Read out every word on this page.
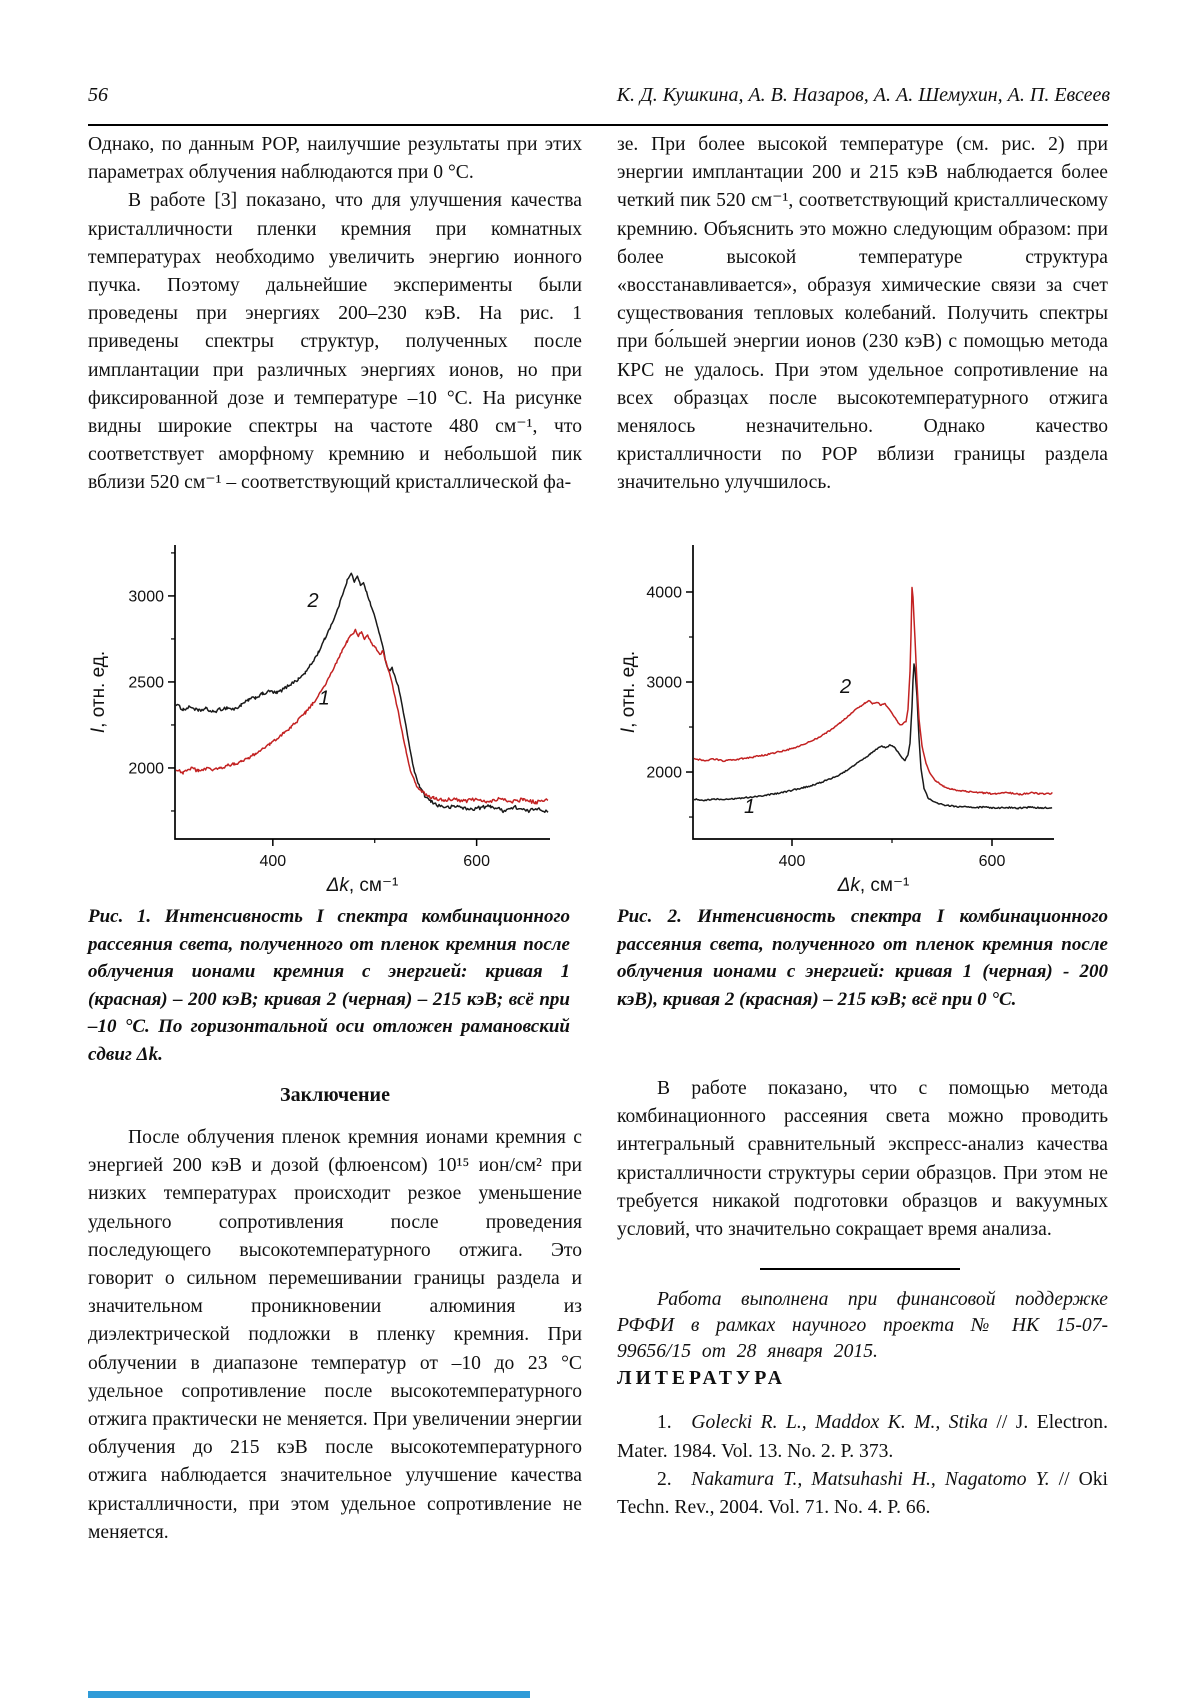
56	К. Д. Кушкина, А. В. Назаров, А. А. Шемухин, А. П. Евсеев

Однако, по данным РОР, наилучшие результаты при этих параметрах облучения наблюдаются при 0 °С.

В работе [3] показано, что для улучшения качества кристалличности пленки кремния при комнатных температурах необходимо увеличить энергию ионного пучка. Поэтому дальнейшие эксперименты были проведены при энергиях 200–230 кэВ. На рис. 1 приведены спектры структур, полученных после имплантации при различных энергиях ионов, но при фиксированной дозе и температуре –10 °С. На рисунке видны широкие спектры на частоте 480 см⁻¹, что соответствует аморфному кремнию и небольшой пик вблизи 520 см⁻¹ – соответствующий кристаллической фа-

зе. При более высокой температуре (см. рис. 2) при энергии имплантации 200 и 215 кэВ наблюдается более четкий пик 520 см⁻¹, соответствующий кристаллическому кремнию. Объяснить это можно следующим образом: при более высокой температуре структура «восстанавливается», образуя химические связи за счет существования тепловых колебаний. Получить спектры при бо́льшей энергии ионов (230 кэВ) с помощью метода КРС не удалось. При этом удельное сопротивление на всех образцах после высокотемпературного отжига менялось незначительно. Однако качество кристалличности по РОР вблизи границы раздела значительно улучшилось.

2000
2500
3000
400	600
2
1
Δk, см⁻¹
I, отн. ед.
2000
3000
4000
400	600
1
2
Δk, см⁻¹
I, отн. ед.

Рис. 1. Интенсивность I спектра комбинационного рассеяния света, полученного от пленок кремния после облучения ионами кремния с энергией: кривая 1 (красная) – 200 кэВ; кривая 2 (черная) – 215 кэВ; всё при –10 °С. По горизонтальной оси отложен рамановский сдвиг Δk.

Рис. 2. Интенсивность спектра I комбинационного рассеяния света, полученного от пленок кремния после облучения ионами с энергией: кривая 1 (черная) - 200 кэВ), кривая 2 (красная) – 215 кэВ; всё при 0 °С.

Заключение

После облучения пленок кремния ионами кремния с энергией 200 кэВ и дозой (флюенсом) 10¹⁵ ион/см² при низких температурах происходит резкое уменьшение удельного сопротивления после проведения последующего высокотемпературного отжига. Это говорит о сильном перемешивании границы раздела и значительном проникновении алюминия из диэлектрической подложки в пленку кремния. При облучении в диапазоне температур от –10 до 23 °С удельное сопротивление после высокотемпературного отжига практически не меняется. При увеличении энергии облучения до 215 кэВ после высокотемпературного отжига наблюдается значительное улучшение качества кристалличности, при этом удельное сопротивление не меняется.

В работе показано, что с помощью метода комбинационного рассеяния света можно проводить интегральный сравнительный экспресс-анализ качества кристалличности структуры серии образцов. При этом не требуется никакой подготовки образцов и вакуумных условий, что значительно сокращает время анализа.

Работа выполнена при финансовой поддержке РФФИ в рамках научного проекта № НК 15-07-99656/15 от 28 января 2015.

ЛИТЕРАТУРА

1.  Golecki R. L., Maddox K. M., Stika // J. Electron. Mater. 1984. Vol. 13. No. 2. P. 373.

2.  Nakamura T., Matsuhashi H., Nagatomo Y. // Oki Techn. Rev., 2004. Vol. 71. No. 4. P. 66.
